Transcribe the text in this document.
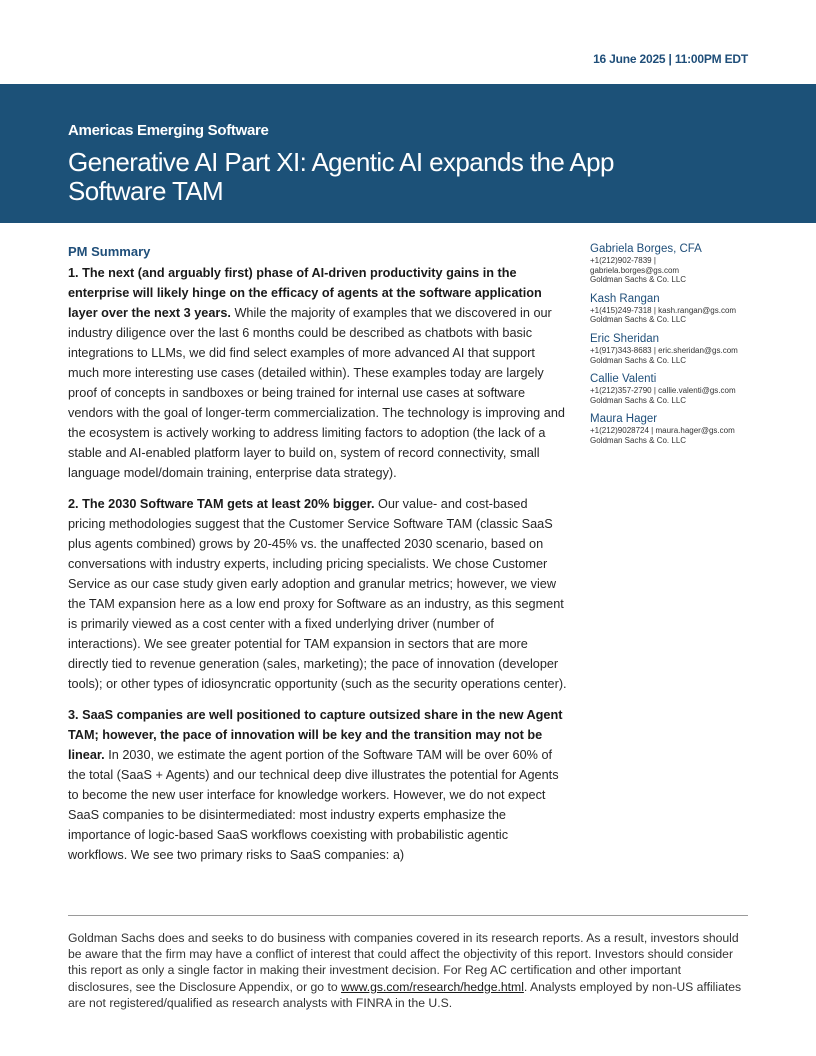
16 June 2025 | 11:00PM EDT
Americas Emerging Software
Generative AI Part XI: Agentic AI expands the App Software TAM
PM Summary

1. The next (and arguably first) phase of AI-driven productivity gains in the enterprise will likely hinge on the efficacy of agents at the software application layer over the next 3 years. While the majority of examples that we discovered in our industry diligence over the last 6 months could be described as chatbots with basic integrations to LLMs, we did find select examples of more advanced AI that support much more interesting use cases (detailed within). These examples today are largely proof of concepts in sandboxes or being trained for internal use cases at software vendors with the goal of longer-term commercialization. The technology is improving and the ecosystem is actively working to address limiting factors to adoption (the lack of a stable and AI-enabled platform layer to build on, system of record connectivity, small language model/domain training, enterprise data strategy).

2. The 2030 Software TAM gets at least 20% bigger. Our value- and cost-based pricing methodologies suggest that the Customer Service Software TAM (classic SaaS plus agents combined) grows by 20-45% vs. the unaffected 2030 scenario, based on conversations with industry experts, including pricing specialists. We chose Customer Service as our case study given early adoption and granular metrics; however, we view the TAM expansion here as a low end proxy for Software as an industry, as this segment is primarily viewed as a cost center with a fixed underlying driver (number of interactions). We see greater potential for TAM expansion in sectors that are more directly tied to revenue generation (sales, marketing); the pace of innovation (developer tools); or other types of idiosyncratic opportunity (such as the security operations center).

3. SaaS companies are well positioned to capture outsized share in the new Agent TAM; however, the pace of innovation will be key and the transition may not be linear. In 2030, we estimate the agent portion of the Software TAM will be over 60% of the total (SaaS + Agents) and our technical deep dive illustrates the potential for Agents to become the new user interface for knowledge workers. However, we do not expect SaaS companies to be disintermediated: most industry experts emphasize the importance of logic-based SaaS workflows coexisting with probabilistic agentic workflows. We see two primary risks to SaaS companies: a)

Gabriela Borges, CFA
+1(212)902-7839 |
gabriela.borges@gs.com
Goldman Sachs & Co. LLC
Kash Rangan
+1(415)249-7318 | kash.rangan@gs.com
Goldman Sachs & Co. LLC
Eric Sheridan
+1(917)343-8683 | eric.sheridan@gs.com
Goldman Sachs & Co. LLC
Callie Valenti
+1(212)357-2790 | callie.valenti@gs.com
Goldman Sachs & Co. LLC
Maura Hager
+1(212)9028724 | maura.hager@gs.com
Goldman Sachs & Co. LLC
Goldman Sachs does and seeks to do business with companies covered in its research reports. As a result, investors should be aware that the firm may have a conflict of interest that could affect the objectivity of this report. Investors should consider this report as only a single factor in making their investment decision. For Reg AC certification and other important disclosures, see the Disclosure Appendix, or go to www.gs.com/research/hedge.html. Analysts employed by non-US affiliates are not registered/qualified as research analysts with FINRA in the U.S.
